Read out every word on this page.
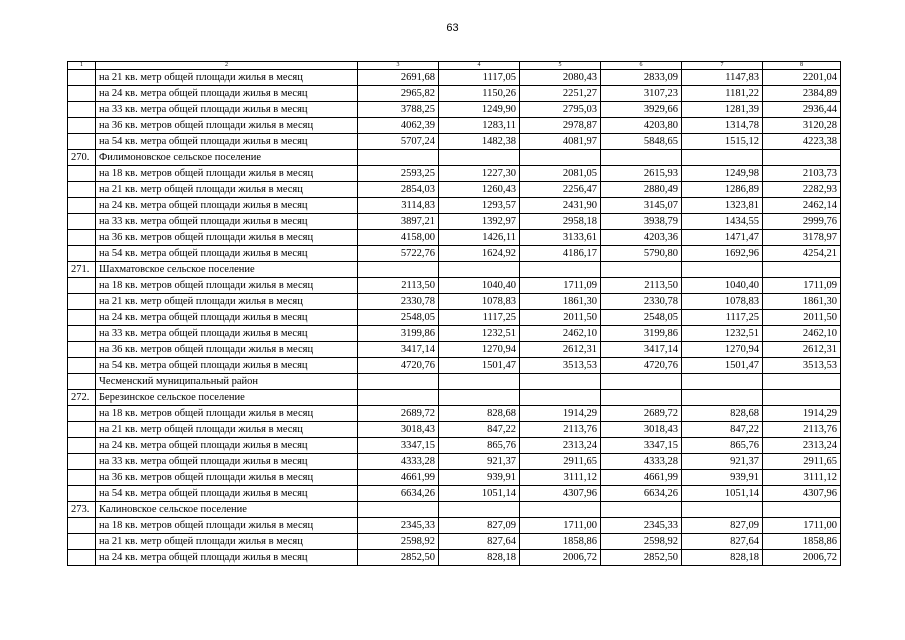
63
1	2	3	4	5	6	7	8
	на 21 кв. метр общей площади жилья в месяц	2691,68	1117,05	2080,43	2833,09	1147,83	2201,04
	на 24 кв. метра общей площади жилья в месяц	2965,82	1150,26	2251,27	3107,23	1181,22	2384,89
	на 33 кв. метра общей площади жилья в месяц	3788,25	1249,90	2795,03	3929,66	1281,39	2936,44
	на 36 кв. метров общей площади жилья в месяц	4062,39	1283,11	2978,87	4203,80	1314,78	3120,28
	на 54 кв. метра общей площади жилья в месяц	5707,24	1482,38	4081,97	5848,65	1515,12	4223,38
270.	Филимоновское сельское поселение						
	на 18 кв. метров общей площади жилья в месяц	2593,25	1227,30	2081,05	2615,93	1249,98	2103,73
	на 21 кв. метр общей площади жилья в месяц	2854,03	1260,43	2256,47	2880,49	1286,89	2282,93
	на 24 кв. метра общей площади жилья в месяц	3114,83	1293,57	2431,90	3145,07	1323,81	2462,14
	на 33 кв. метра общей площади жилья в месяц	3897,21	1392,97	2958,18	3938,79	1434,55	2999,76
	на 36 кв. метров общей площади жилья в месяц	4158,00	1426,11	3133,61	4203,36	1471,47	3178,97
	на 54 кв. метра общей площади жилья в месяц	5722,76	1624,92	4186,17	5790,80	1692,96	4254,21
271.	Шахматовское сельское поселение						
	на 18 кв. метров общей площади жилья в месяц	2113,50	1040,40	1711,09	2113,50	1040,40	1711,09
	на 21 кв. метр общей площади жилья в месяц	2330,78	1078,83	1861,30	2330,78	1078,83	1861,30
	на 24 кв. метра общей площади жилья в месяц	2548,05	1117,25	2011,50	2548,05	1117,25	2011,50
	на 33 кв. метра общей площади жилья в месяц	3199,86	1232,51	2462,10	3199,86	1232,51	2462,10
	на 36 кв. метров общей площади жилья в месяц	3417,14	1270,94	2612,31	3417,14	1270,94	2612,31
	на 54 кв. метра общей площади жилья в месяц	4720,76	1501,47	3513,53	4720,76	1501,47	3513,53
	Чесменский муниципальный район						
272.	Березинское сельское поселение						
	на 18 кв. метров общей площади жилья в месяц	2689,72	828,68	1914,29	2689,72	828,68	1914,29
	на 21 кв. метр общей площади жилья в месяц	3018,43	847,22	2113,76	3018,43	847,22	2113,76
	на 24 кв. метра общей площади жилья в месяц	3347,15	865,76	2313,24	3347,15	865,76	2313,24
	на 33 кв. метра общей площади жилья в месяц	4333,28	921,37	2911,65	4333,28	921,37	2911,65
	на 36 кв. метров общей площади жилья в месяц	4661,99	939,91	3111,12	4661,99	939,91	3111,12
	на 54 кв. метра общей площади жилья в месяц	6634,26	1051,14	4307,96	6634,26	1051,14	4307,96
273.	Калиновское сельское поселение						
	на 18 кв. метров общей площади жилья в месяц	2345,33	827,09	1711,00	2345,33	827,09	1711,00
	на 21 кв. метр общей площади жилья в месяц	2598,92	827,64	1858,86	2598,92	827,64	1858,86
	на 24 кв. метра общей площади жилья в месяц	2852,50	828,18	2006,72	2852,50	828,18	2006,72
